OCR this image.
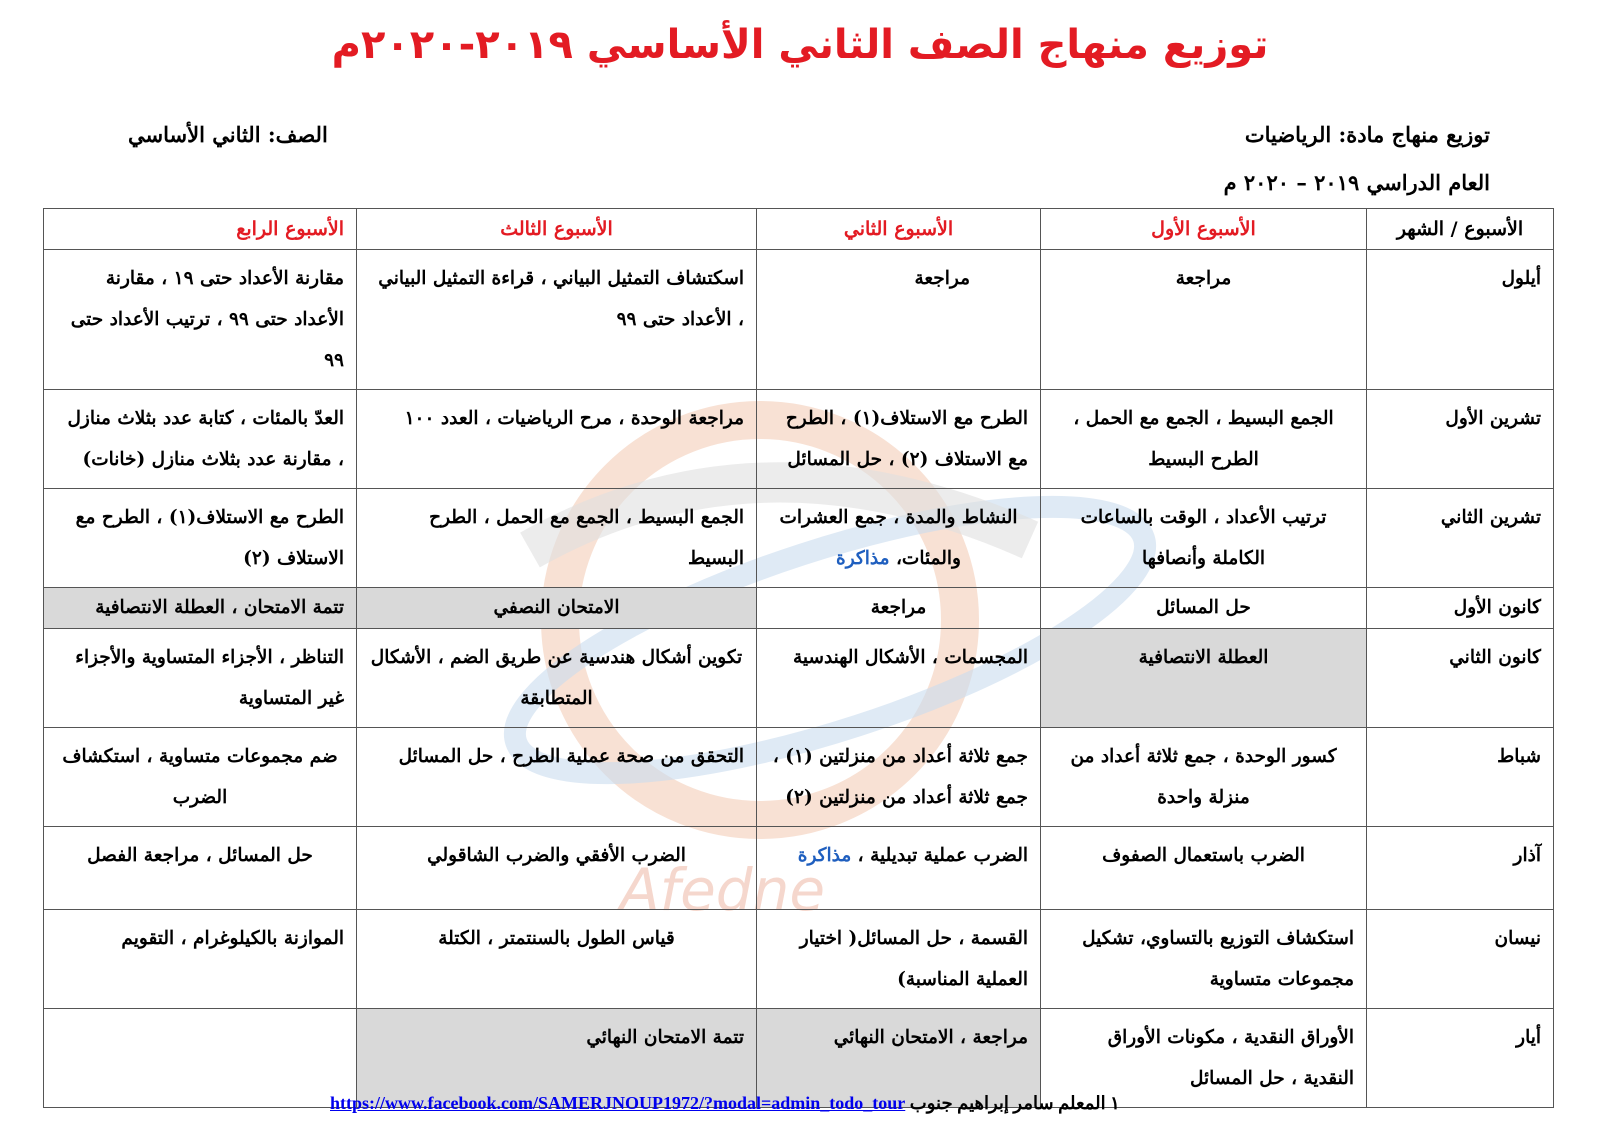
Afedne
توزيع منهاج الصف الثاني الأساسي ٢٠١٩-٢٠٢٠م
توزيع منهاج مادة: الرياضيات
العام الدراسي ٢٠١٩ – ٢٠٢٠ م
الصف: الثاني الأساسي
الأسبوع / الشهر	الأسبوع الأول	الأسبوع الثاني	الأسبوع الثالث	الأسبوع الرابع
أيلول	مراجعة	مراجعة	اسكتشاف التمثيل البياني ، قراءة التمثيل البياني ، الأعداد حتى ٩٩	مقارنة الأعداد حتى ١٩ ، مقارنة الأعداد حتى ٩٩ ، ترتيب الأعداد حتى ٩٩
تشرين الأول	الجمع البسيط ، الجمع مع الحمل ، الطرح البسيط	الطرح مع الاستلاف(١) ، الطرح مع الاستلاف (٢) ، حل المسائل	مراجعة الوحدة ، مرح الرياضيات ، العدد ١٠٠	العدّ بالمئات ، كتابة عدد بثلاث منازل ، مقارنة عدد بثلاث منازل (خانات)
تشرين الثاني	ترتيب الأعداد ، الوقت بالساعات الكاملة وأنصافها	النشاط والمدة ، جمع العشرات والمئات، مذاكرة	الجمع البسيط ، الجمع مع الحمل ، الطرح البسيط	الطرح مع الاستلاف(١) ، الطرح مع الاستلاف (٢)
كانون الأول	حل المسائل	مراجعة	الامتحان النصفي	تتمة الامتحان ، العطلة الانتصافية
كانون الثاني	العطلة الانتصافية	المجسمات ، الأشكال الهندسية	تكوين أشكال هندسية عن طريق الضم ، الأشكال المتطابقة	التناظر ، الأجزاء المتساوية والأجزاء غير المتساوية
شباط	كسور الوحدة ، جمع ثلاثة أعداد من منزلة واحدة	جمع ثلاثة أعداد من منزلتين (١) ، جمع ثلاثة أعداد من منزلتين (٢)	التحقق من صحة عملية الطرح ، حل المسائل	ضم مجموعات متساوية ، استكشاف الضرب
آذار	الضرب باستعمال الصفوف	الضرب عملية تبديلية ، مذاكرة	الضرب الأفقي والضرب الشاقولي	حل المسائل ، مراجعة الفصل
نيسان	استكشاف التوزيع بالتساوي، تشكيل مجموعات متساوية	القسمة ، حل المسائل( اختيار العملية المناسبة)	قياس الطول بالسنتمتر ، الكتلة	الموازنة بالكيلوغرام ، التقويم
أيار	الأوراق النقدية ، مكونات الأوراق النقدية ، حل المسائل	مراجعة ، الامتحان النهائي	تتمة الامتحان النهائي	
١ المعلم سامر إبراهيم جنوب https://www.facebook.com/SAMERJNOUP1972/?modal=admin_todo_tour
